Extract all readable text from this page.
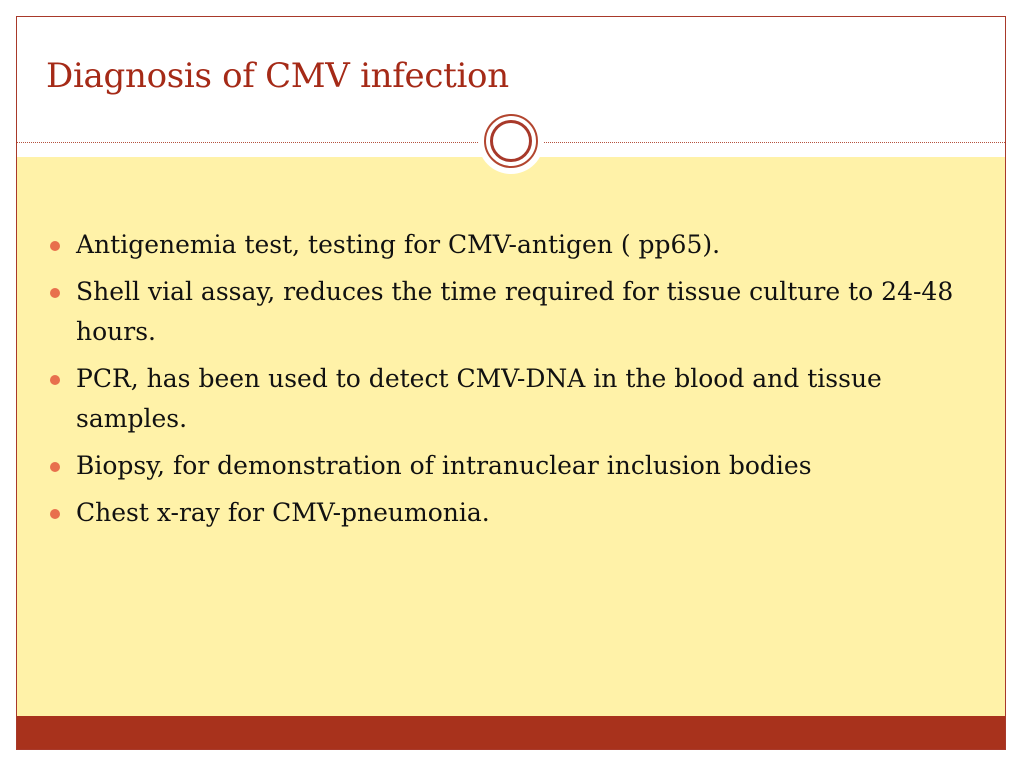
Diagnosis of CMV infection
Antigenemia test, testing for CMV-antigen ( pp65).
Shell vial assay, reduces the time required for tissue culture to 24-48 hours.
PCR, has been used to detect CMV-DNA in the blood and tissue samples.
Biopsy, for demonstration of intranuclear inclusion bodies
Chest x-ray for CMV-pneumonia.
